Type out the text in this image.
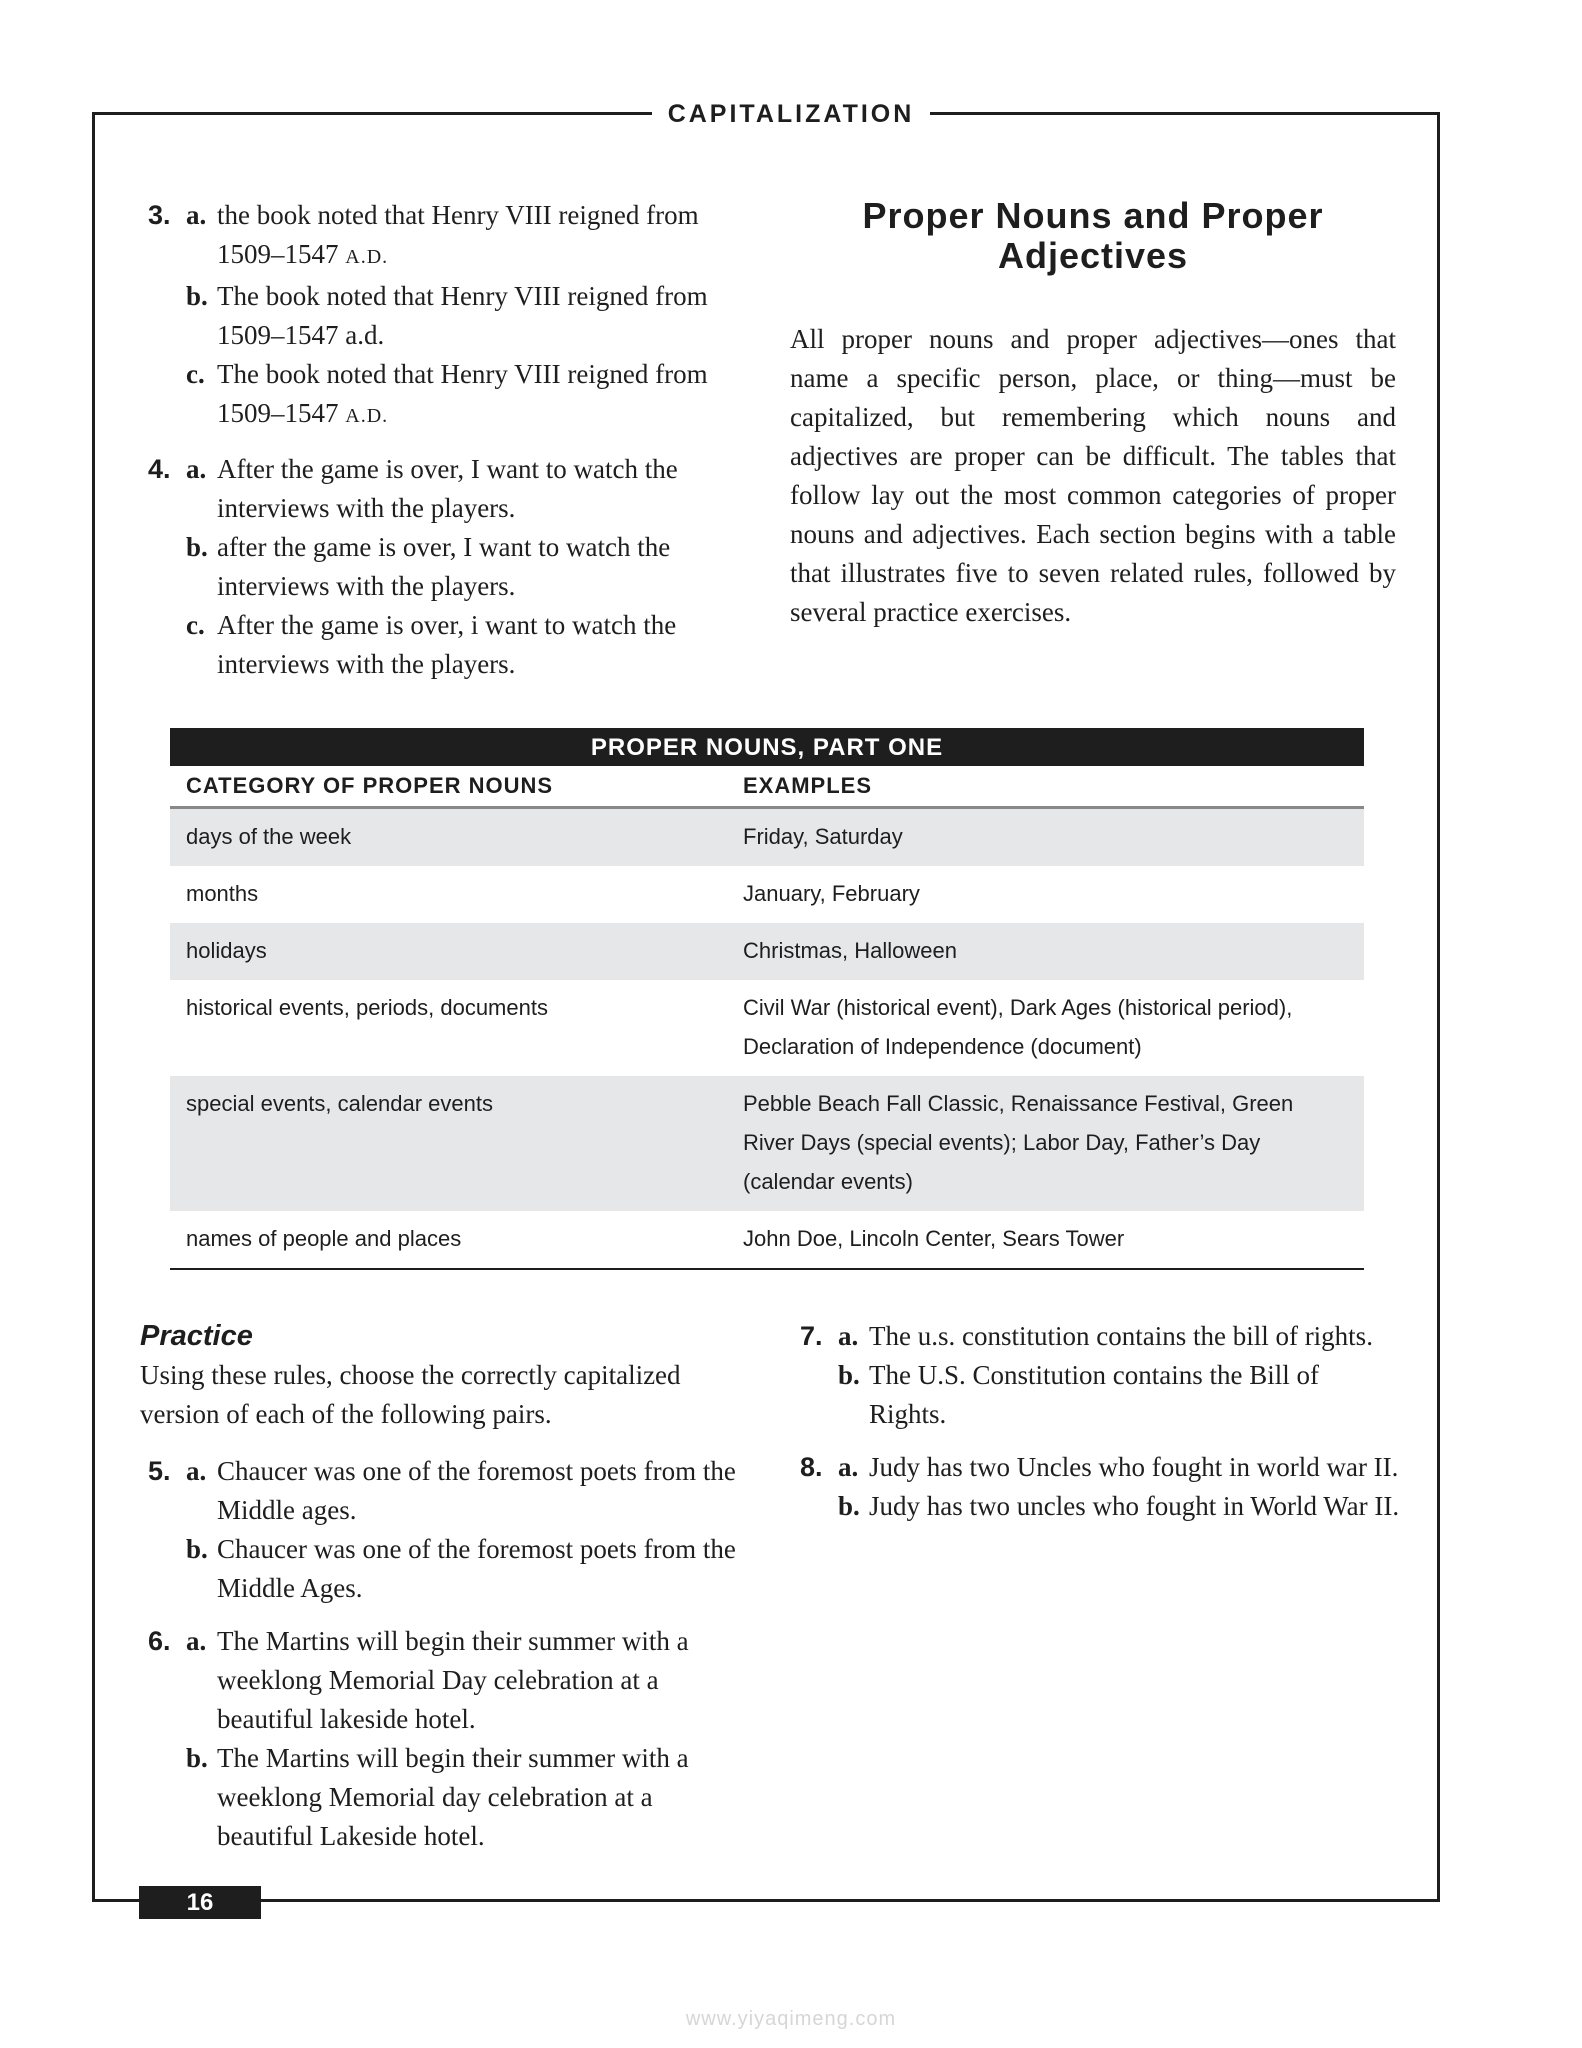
CAPITALIZATION
3. a. the book noted that Henry VIII reigned from 1509–1547 A.D.
b. The book noted that Henry VIII reigned from 1509–1547 a.d.
c. The book noted that Henry VIII reigned from 1509–1547 A.D.
4. a. After the game is over, I want to watch the interviews with the players.
b. after the game is over, I want to watch the interviews with the players.
c. After the game is over, i want to watch the interviews with the players.
Proper Nouns and Proper Adjectives

All proper nouns and proper adjectives—ones that name a specific person, place, or thing—must be capitalized, but remembering which nouns and adjectives are proper can be difficult. The tables that follow lay out the most common categories of proper nouns and adjectives. Each section begins with a table that illustrates five to seven related rules, followed by several practice exercises.

PROPER NOUNS, PART ONE
CATEGORY OF PROPER NOUNS	EXAMPLES
days of the week	Friday, Saturday
months	January, February
holidays	Christmas, Halloween
historical events, periods, documents	Civil War (historical event), Dark Ages (historical period), Declaration of Independence (document)
special events, calendar events	Pebble Beach Fall Classic, Renaissance Festival, Green River Days (special events); Labor Day, Father’s Day (calendar events)
names of people and places	John Doe, Lincoln Center, Sears Tower
Practice

Using these rules, choose the correctly capitalized version of each of the following pairs.

5. a. Chaucer was one of the foremost poets from the Middle ages.
b. Chaucer was one of the foremost poets from the Middle Ages.
6. a. The Martins will begin their summer with a weeklong Memorial Day celebration at a beautiful lakeside hotel.
b. The Martins will begin their summer with a weeklong Memorial day celebration at a beautiful Lakeside hotel.
7. a. The u.s. constitution contains the bill of rights.
b. The U.S. Constitution contains the Bill of Rights.
8. a. Judy has two Uncles who fought in world war II.
b. Judy has two uncles who fought in World War II.
16
www.yiyaqimeng.com
